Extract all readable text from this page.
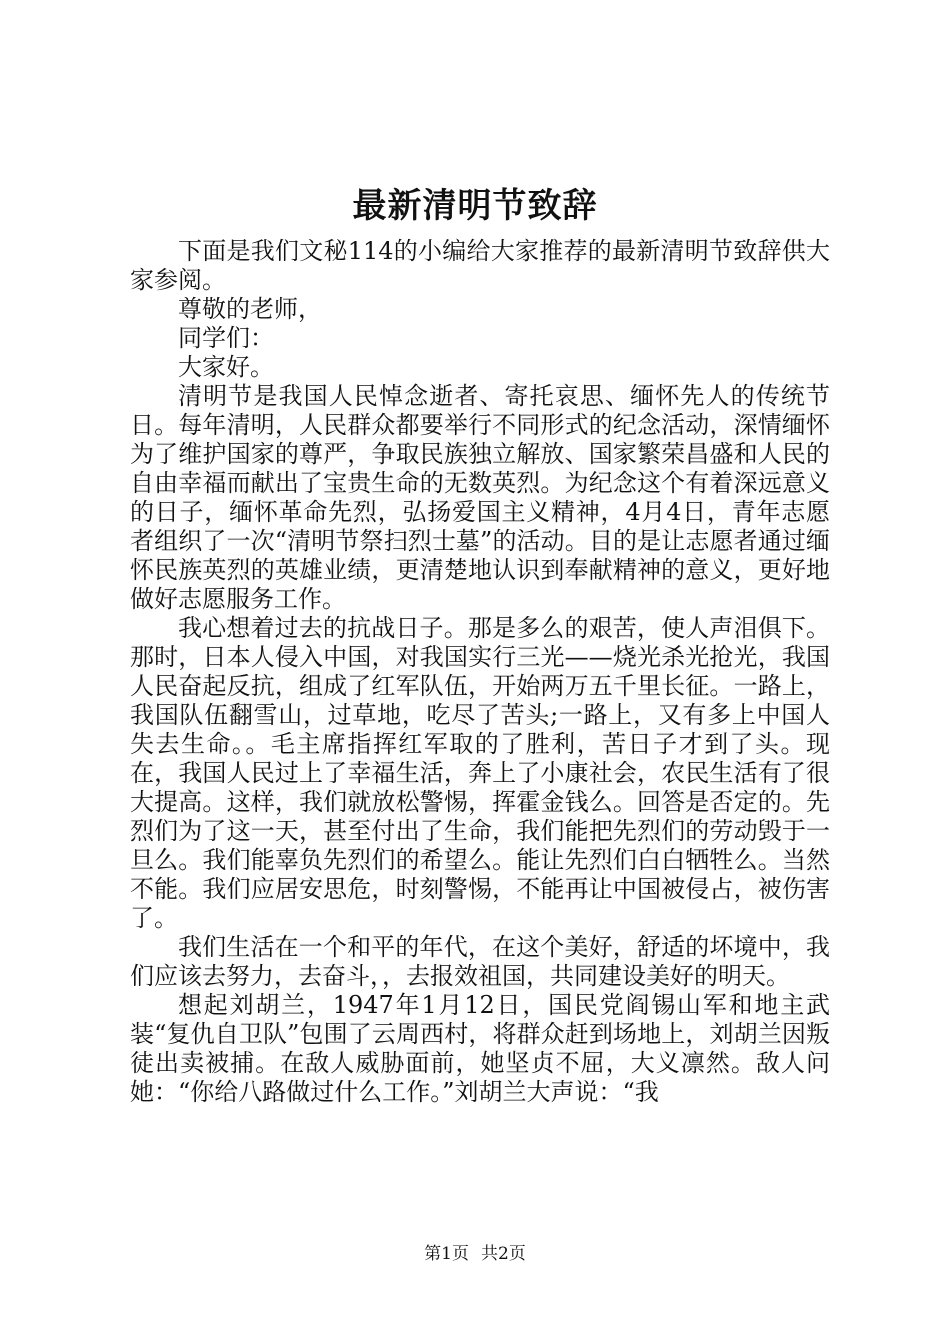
最新清明节致辞

下面是我们文秘114的小编给大家推荐的最新清明节致辞供大家参阅。

尊敬的老师，

同学们：

大家好。

清明节是我国人民悼念逝者、寄托哀思、缅怀先人的传统节日。每年清明，人民群众都要举行不同形式的纪念活动，深情缅怀为了维护国家的尊严，争取民族独立解放、国家繁荣昌盛和人民的自由幸福而献出了宝贵生命的无数英烈。为纪念这个有着深远意义的日子，缅怀革命先烈，弘扬爱国主义精神，4月4日，青年志愿者组织了一次“清明节祭扫烈士墓”的活动。目的是让志愿者通过缅怀民族英烈的英雄业绩，更清楚地认识到奉献精神的意义，更好地做好志愿服务工作。

我心想着过去的抗战日子。那是多么的艰苦，使人声泪俱下。那时，日本人侵入中国，对我国实行三光——烧光杀光抢光，我国人民奋起反抗，组成了红军队伍，开始两万五千里长征。一路上，我国队伍翻雪山，过草地，吃尽了苦头;一路上，又有多上中国人失去生命。。毛主席指挥红军取的了胜利，苦日子才到了头。现在，我国人民过上了幸福生活，奔上了小康社会，农民生活有了很大提高。这样，我们就放松警惕，挥霍金钱么。回答是否定的。先烈们为了这一天，甚至付出了生命，我们能把先烈们的劳动毁于一旦么。我们能辜负先烈们的希望么。能让先烈们白白牺牲么。当然不能。我们应居安思危，时刻警惕，不能再让中国被侵占，被伤害了。

我们生活在一个和平的年代，在这个美好，舒适的坏境中，我们应该去努力，去奋斗，，去报效祖国，共同建设美好的明天。

想起刘胡兰，1947年1月12日，国民党阎锡山军和地主武装“复仇自卫队”包围了云周西村，将群众赶到场地上，刘胡兰因叛徒出卖被捕。在敌人威胁面前，她坚贞不屈，大义凛然。敌人问她：“你给八路做过什么工作。”刘胡兰大声说：“我

第1页 共2页
